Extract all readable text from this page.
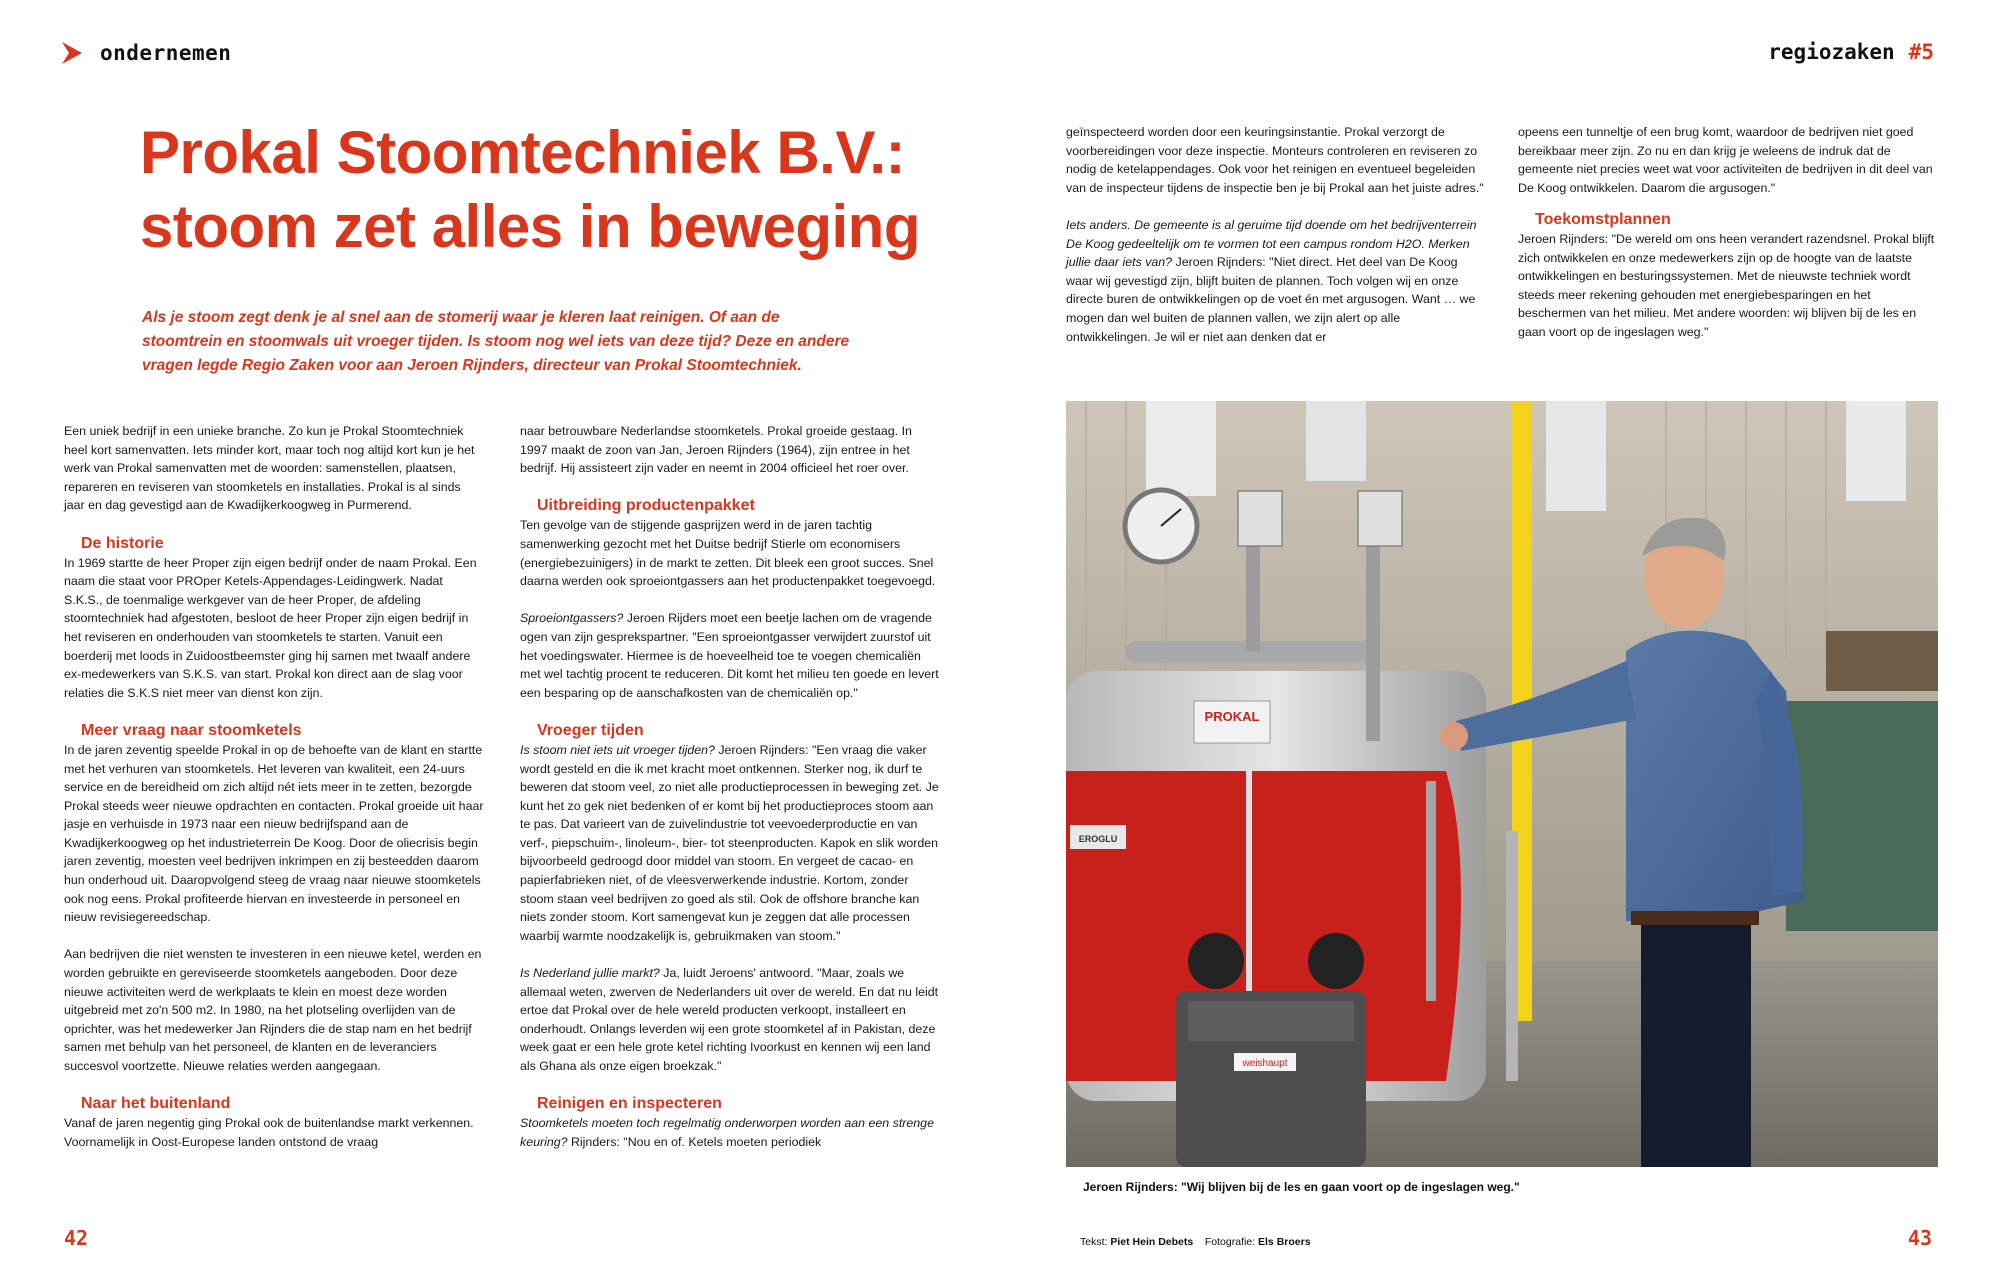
ondernemen	regiozaken #5
Prokal Stoomtechniek B.V.:
stoom zet alles in beweging

Als je stoom zegt denk je al snel aan de stomerij waar je kleren laat reinigen. Of aan de stoomtrein en stoomwals uit vroeger tijden. Is stoom nog wel iets van deze tijd? Deze en andere vragen legde Regio Zaken voor aan Jeroen Rijnders, directeur van Prokal Stoomtechniek.

Een uniek bedrijf in een unieke branche. Zo kun je Prokal Stoomtechniek heel kort samenvatten. Iets minder kort, maar toch nog altijd kort kun je het werk van Prokal samenvatten met de woorden: samenstellen, plaatsen, repareren en reviseren van stoomketels en installaties. Prokal is al sinds jaar en dag gevestigd aan de Kwadijkerkoogweg in Purmerend.

De historie

In 1969 startte de heer Proper zijn eigen bedrijf onder de naam Prokal. Een naam die staat voor PROper Ketels-Appendages-Leidingwerk. Nadat S.K.S., de toenmalige werkgever van de heer Proper, de afdeling stoomtechniek had afgestoten, besloot de heer Proper zijn eigen bedrijf in het reviseren en onderhouden van stoomketels te starten. Vanuit een boerderij met loods in Zuidoostbeemster ging hij samen met twaalf andere ex-medewerkers van S.K.S. van start. Prokal kon direct aan de slag voor relaties die S.K.S niet meer van dienst kon zijn.

Meer vraag naar stoomketels

In de jaren zeventig speelde Prokal in op de behoefte van de klant en startte met het verhuren van stoomketels. Het leveren van kwaliteit, een 24-uurs service en de bereidheid om zich altijd nét iets meer in te zetten, bezorgde Prokal steeds weer nieuwe opdrachten en contacten. Prokal groeide uit haar jasje en verhuisde in 1973 naar een nieuw bedrijfspand aan de Kwadijkerkoogweg op het industrieterrein De Koog. Door de oliecrisis begin jaren zeventig, moesten veel bedrijven inkrimpen en zij besteedden daarom hun onderhoud uit. Daaropvolgend steeg de vraag naar nieuwe stoomketels ook nog eens. Prokal profiteerde hiervan en investeerde in personeel en nieuw revisiegereedschap.

Aan bedrijven die niet wensten te investeren in een nieuwe ketel, werden en worden gebruikte en gereviseerde stoomketels aangeboden. Door deze nieuwe activiteiten werd de werkplaats te klein en moest deze worden uitgebreid met zo'n 500 m2. In 1980, na het plotseling overlijden van de oprichter, was het medewerker Jan Rijnders die de stap nam en het bedrijf samen met behulp van het personeel, de klanten en de leveranciers succesvol voortzette. Nieuwe relaties werden aangegaan.

Naar het buitenland

Vanaf de jaren negentig ging Prokal ook de buitenlandse markt verkennen. Voornamelijk in Oost-Europese landen ontstond de vraag

naar betrouwbare Nederlandse stoomketels. Prokal groeide gestaag. In 1997 maakt de zoon van Jan, Jeroen Rijnders (1964), zijn entree in het bedrijf. Hij assisteert zijn vader en neemt in 2004 officieel het roer over.

Uitbreiding productenpakket

Ten gevolge van de stijgende gasprijzen werd in de jaren tachtig samenwerking gezocht met het Duitse bedrijf Stierle om economisers (energiebezuinigers) in de markt te zetten. Dit bleek een groot succes. Snel daarna werden ook sproeiontgassers aan het productenpakket toegevoegd.

Sproeiontgassers? Jeroen Rijders moet een beetje lachen om de vragende ogen van zijn gesprekspartner. "Een sproeiontgasser verwijdert zuurstof uit het voedingswater. Hiermee is de hoeveelheid toe te voegen chemicaliën met wel tachtig procent te reduceren. Dit komt het milieu ten goede en levert een besparing op de aanschafkosten van de chemicaliën op."

Vroeger tijden

Is stoom niet iets uit vroeger tijden? Jeroen Rijnders: "Een vraag die vaker wordt gesteld en die ik met kracht moet ontkennen. Sterker nog, ik durf te beweren dat stoom veel, zo niet alle productieprocessen in beweging zet. Je kunt het zo gek niet bedenken of er komt bij het productieproces stoom aan te pas. Dat varieert van de zuivelindustrie tot veevoederproductie en van verf-, piepschuim-, linoleum-, bier- tot steenproducten. Kapok en slik worden bijvoorbeeld gedroogd door middel van stoom. En vergeet de cacao- en papierfabrieken niet, of de vleesverwerkende industrie. Kortom, zonder stoom staan veel bedrijven zo goed als stil. Ook de offshore branche kan niets zonder stoom. Kort samengevat kun je zeggen dat alle processen waarbij warmte noodzakelijk is, gebruikmaken van stoom."

Is Nederland jullie markt? Ja, luidt Jeroens' antwoord. "Maar, zoals we allemaal weten, zwerven de Nederlanders uit over de wereld. En dat nu leidt ertoe dat Prokal over de hele wereld producten verkoopt, installeert en onderhoudt. Onlangs leverden wij een grote stoomketel af in Pakistan, deze week gaat er een hele grote ketel richting Ivoorkust en kennen wij een land als Ghana als onze eigen broekzak."

Reinigen en inspecteren

Stoomketels moeten toch regelmatig onderworpen worden aan een strenge keuring? Rijnders: "Nou en of. Ketels moeten periodiek

geïnspecteerd worden door een keuringsinstantie. Prokal verzorgt de voorbereidingen voor deze inspectie. Monteurs controleren en reviseren zo nodig de ketelappendages. Ook voor het reinigen en eventueel begeleiden van de inspecteur tijdens de inspectie ben je bij Prokal aan het juiste adres."

Iets anders. De gemeente is al geruime tijd doende om het bedrijventerrein De Koog gedeeltelijk om te vormen tot een campus rondom H2O. Merken jullie daar iets van? Jeroen Rijnders: "Niet direct. Het deel van De Koog waar wij gevestigd zijn, blijft buiten de plannen. Toch volgen wij en onze directe buren de ontwikkelingen op de voet én met argusogen. Want … we mogen dan wel buiten de plannen vallen, we zijn alert op alle ontwikkelingen. Je wil er niet aan denken dat er

opeens een tunneltje of een brug komt, waardoor de bedrijven niet goed bereikbaar meer zijn. Zo nu en dan krijg je weleens de indruk dat de gemeente niet precies weet wat voor activiteiten de bedrijven in dit deel van De Koog ontwikkelen. Daarom die argusogen."

Toekomstplannen

Jeroen Rijnders: "De wereld om ons heen verandert razendsnel. Prokal blijft zich ontwikkelen en onze medewerkers zijn op de hoogte van de laatste ontwikkelingen en besturingssystemen. Met de nieuwste techniek wordt steeds meer rekening gehouden met energiebesparingen en het beschermen van het milieu. Met andere woorden: wij blijven bij de les en gaan voort op de ingeslagen weg."

PROKAL
EROGLU
weishaupt
Jeroen Rijnders: "Wij blijven bij de les en gaan voort op de ingeslagen weg."
Tekst: Piet Hein Debets Fotografie: Els Broers
42	43
